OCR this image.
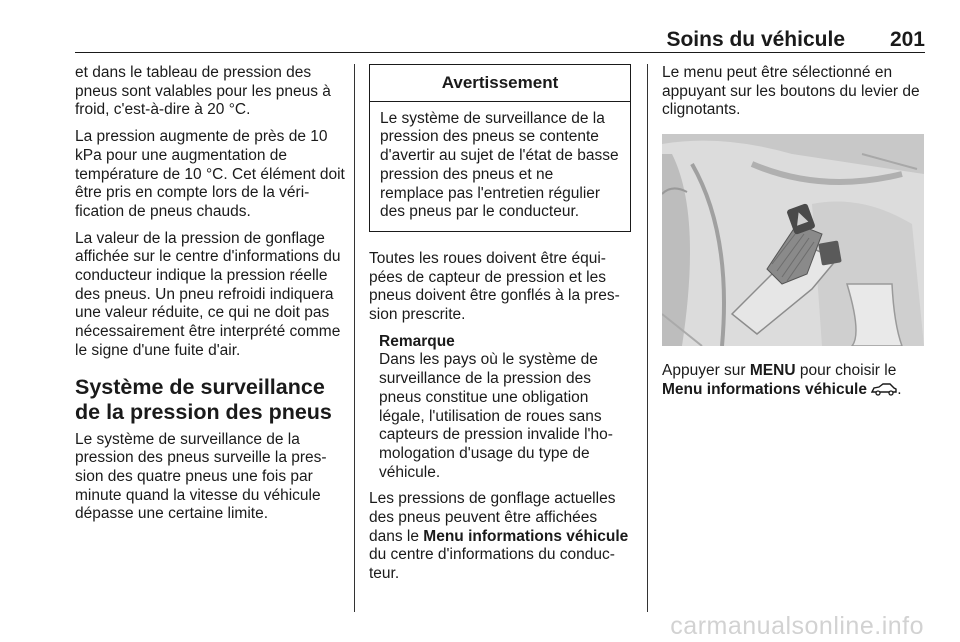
Soins du véhicule 201

et dans le tableau de pression des pneus sont valables pour les pneus à froid, c'est-à-dire à 20 °C.

La pression augmente de près de 10 kPa pour une augmentation de température de 10 °C. Cet élément doit être pris en compte lors de la vérification de pneus chauds.

La valeur de la pression de gonflage affichée sur le centre d'informations du conducteur indique la pression réelle des pneus. Un pneu refroidi indiquera une valeur réduite, ce qui ne doit pas nécessairement être interprété comme le signe d'une fuite d'air.

Système de surveillance de la pression des pneus

Le système de surveillance de la pression des pneus surveille la pression des quatre pneus une fois par minute quand la vitesse du véhicule dépasse une certaine limite.

Avertissement
Le système de surveillance de la pression des pneus se contente d'avertir au sujet de l'état de basse pression des pneus et ne remplace pas l'entretien régulier des pneus par le conducteur.

Toutes les roues doivent être équipées de capteur de pression et les pneus doivent être gonflés à la pression prescrite.

Remarque
Dans les pays où le système de surveillance de la pression des pneus constitue une obligation légale, l'utilisation de roues sans capteurs de pression invalide l'homologation d'usage du type de véhicule.

Les pressions de gonflage actuelles des pneus peuvent être affichées dans le Menu informations véhicule du centre d'informations du conducteur.

Le menu peut être sélectionné en appuyant sur les boutons du levier de clignotants.

Appuyer sur MENU pour choisir le Menu informations véhicule .

carmanualsonline.info
